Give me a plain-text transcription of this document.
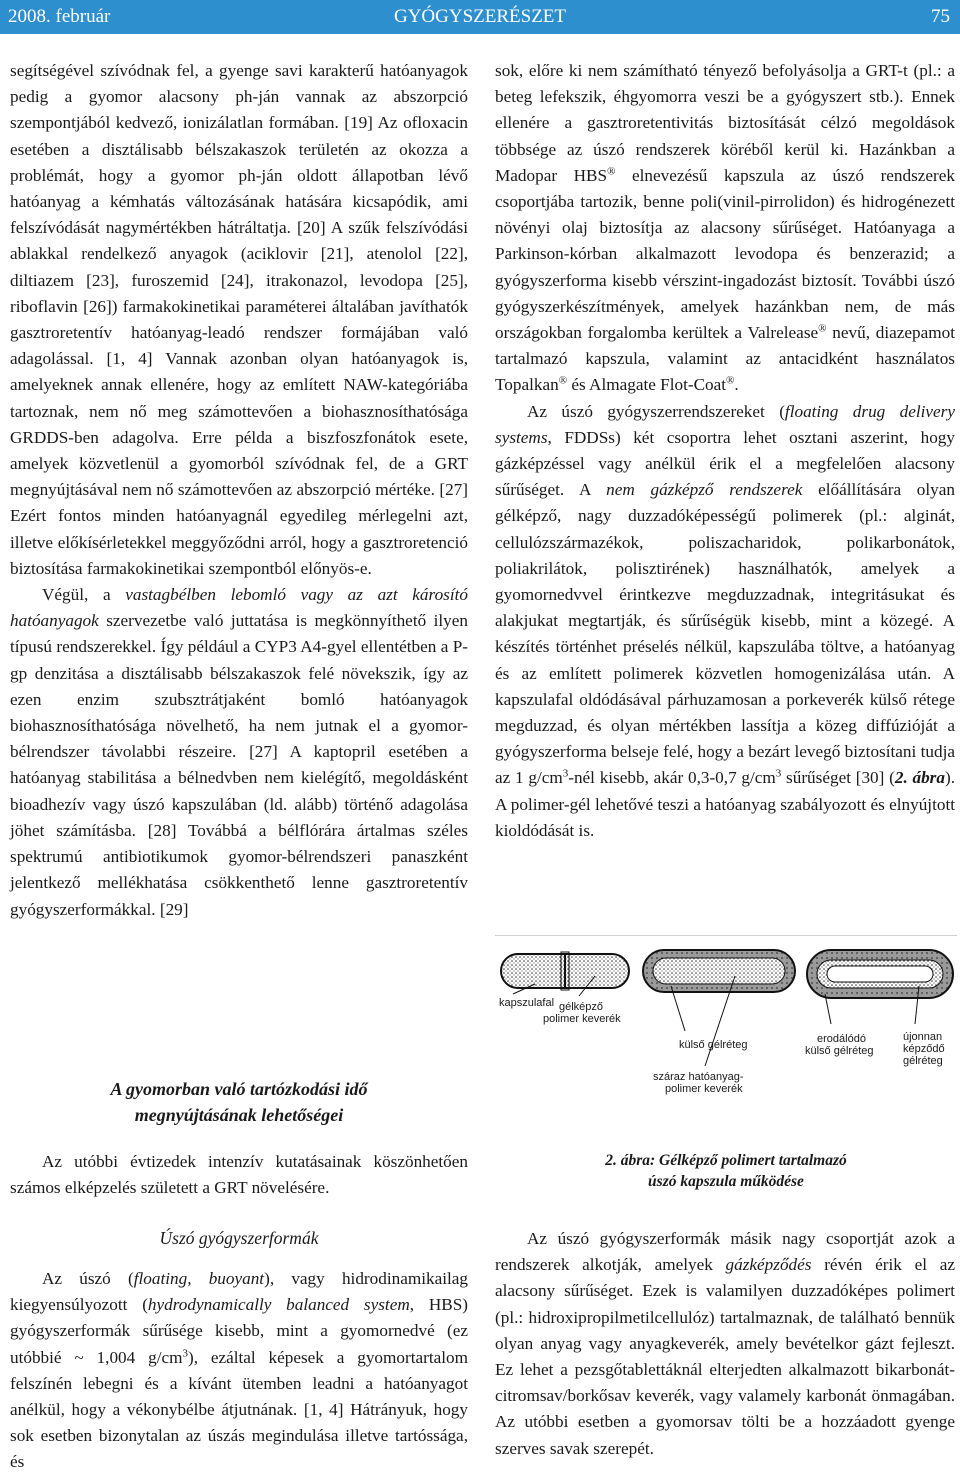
2008. február	GYÓGYSZERÉSZET	75

segítségével szívódnak fel, a gyenge savi karakterű hatóanyagok pedig a gyomor alacsony ph-ján vannak az abszorpció szempontjából kedvező, ionizálatlan formában. [19] Az ofloxacin esetében a disztálisabb bélszakaszok területén az okozza a problémát, hogy a gyomor ph-ján oldott állapotban lévő hatóanyag a kémhatás változásának hatására kicsapódik, ami felszívódását nagymértékben hátráltatja. [20] A szűk felszívódási ablakkal rendelkező anyagok (aciklovir [21], atenolol [22], diltiazem [23], furoszemid [24], itrakonazol, levodopa [25], riboflavin [26]) farmakokinetikai paraméterei általában javíthatók gasztroretentív hatóanyag-leadó rendszer formájában való adagolással. [1, 4] Vannak azonban olyan hatóanyagok is, amelyeknek annak ellenére, hogy az említett NAW-kategóriába tartoznak, nem nő meg számottevően a biohasznosíthatósága GRDDS-ben adagolva. Erre példa a biszfoszfonátok esete, amelyek közvetlenül a gyomorból szívódnak fel, de a GRT megnyújtásával nem nő számottevően az abszorpció mértéke. [27] Ezért fontos minden hatóanyagnál egyedileg mérlegelni azt, illetve előkísérletekkel meggyőződni arról, hogy a gasztroretenció biztosítása farmakokinetikai szempontból előnyös-e.

Végül, a vastagbélben lebomló vagy az azt károsító hatóanyagok szervezetbe való juttatása is megkönnyíthető ilyen típusú rendszerekkel. Így például a CYP3 A4-gyel ellentétben a P-gp denzitása a disztálisabb bélszakaszok felé növekszik, így az ezen enzim szubsztrátjaként bomló hatóanyagok biohasznosíthatósága növelhető, ha nem jutnak el a gyomor-bélrendszer távolabbi részeire. [27] A kaptopril esetében a hatóanyag stabilitása a bélnedvben nem kielégítő, megoldásként bioadhezív vagy úszó kapszulában (ld. alább) történő adagolása jöhet számításba. [28] Továbbá a bélflórára ártalmas széles spektrumú antibiotikumok gyomor-bélrendszeri panaszként jelentkező mellékhatása csökkenthető lenne gasztroretentív gyógyszerformákkal. [29]

A gyomorban való tartózkodási idő
megnyújtásának lehetőségei

Az utóbbi évtizedek intenzív kutatásainak köszönhetően számos elképzelés született a GRT növelésére.

Úszó gyógyszerformák

Az úszó (floating, buoyant), vagy hidrodinamikailag kiegyensúlyozott (hydrodynamically balanced system, HBS) gyógyszerformák sűrűsége kisebb, mint a gyomornedvé (ez utóbbié ~ 1,004 $g/cm^3$), ezáltal képesek a gyomortartalom felszínén lebegni és a kívánt ütemben leadni a hatóanyagot anélkül, hogy a vékonybélbe átjutnának. [1, 4] Hátrányuk, hogy sok esetben bizonytalan az úszás megindulása illetve tartóssága, és

sok, előre ki nem számítható tényező befolyásolja a GRT-t (pl.: a beteg lefekszik, éhgyomorra veszi be a gyógyszert stb.). Ennek ellenére a gasztroretentivitás biztosítását célzó megoldások többsége az úszó rendszerek köréből kerül ki. Hazánkban a Madopar HBS® elnevezésű kapszula az úszó rendszerek csoportjába tartozik, benne poli(vinil-pirrolidon) és hidrogénezett növényi olaj biztosítja az alacsony sűrűséget. Hatóanyaga a Parkinson-kórban alkalmazott levodopa és benzerazid; a gyógyszerforma kisebb vérszint-ingadozást biztosít. További úszó gyógyszerkészítmények, amelyek hazánkban nem, de más országokban forgalomba kerültek a Valrelease® nevű, diazepamot tartalmazó kapszula, valamint az antacidként használatos Topalkan® és Almagate Flot-Coat®.

Az úszó gyógyszerrendszereket (floating drug delivery systems, FDDSs) két csoportra lehet osztani aszerint, hogy gázképzéssel vagy anélkül érik el a megfelelően alacsony sűrűséget. A nem gázképző rendszerek előállítására olyan gélképző, nagy duzzadóképességű polimerek (pl.: alginát, cellulózszármazékok, poliszacharidok, polikarbonátok, poliakrilátok, polisztirének) használhatók, amelyek a gyomornedvvel érintkezve megduzzadnak, integritásukat és alakjukat megtartják, és sűrűségük kisebb, mint a közegé. A készítés történhet préselés nélkül, kapszulába töltve, a hatóanyag és az említett polimerek közvetlen homogenizálása után. A kapszulafal oldódásával párhuzamosan a porkeverék külső rétege megduzzad, és olyan mértékben lassítja a közeg diffúzióját a gyógyszerforma belseje felé, hogy a bezárt levegő biztosítani tudja az 1 $g/cm^3$-nél kisebb, akár 0,3-0,7 $g/cm^3$ sűrűséget [30] (2. ábra). A polimer-gél lehetővé teszi a hatóanyag szabályozott és elnyújtott kioldódását is.

kapszulafal gélképző
polimer keverék
külső gélréteg	erodálódó
külső gélréteg
újonnan
képződő
gélréteg
száraz hatóanyag-
polimer keverék
2. ábra: Gélképző polimert tartalmazó
úszó kapszula működése

Az úszó gyógyszerformák másik nagy csoportját azok a rendszerek alkotják, amelyek gázképződés révén érik el az alacsony sűrűséget. Ezek is valamilyen duzzadóképes polimert (pl.: hidroxipropilmetilcellulóz) tartalmaznak, de található bennük olyan anyag vagy anyagkeverék, amely bevételkor gázt fejleszt. Ez lehet a pezsgőtablettáknál elterjedten alkalmazott bikarbonát-citromsav/borkősav keverék, vagy valamely karbonát önmagában. Az utóbbi esetben a gyomorsav tölti be a hozzáadott gyenge szerves savak szerepét.
